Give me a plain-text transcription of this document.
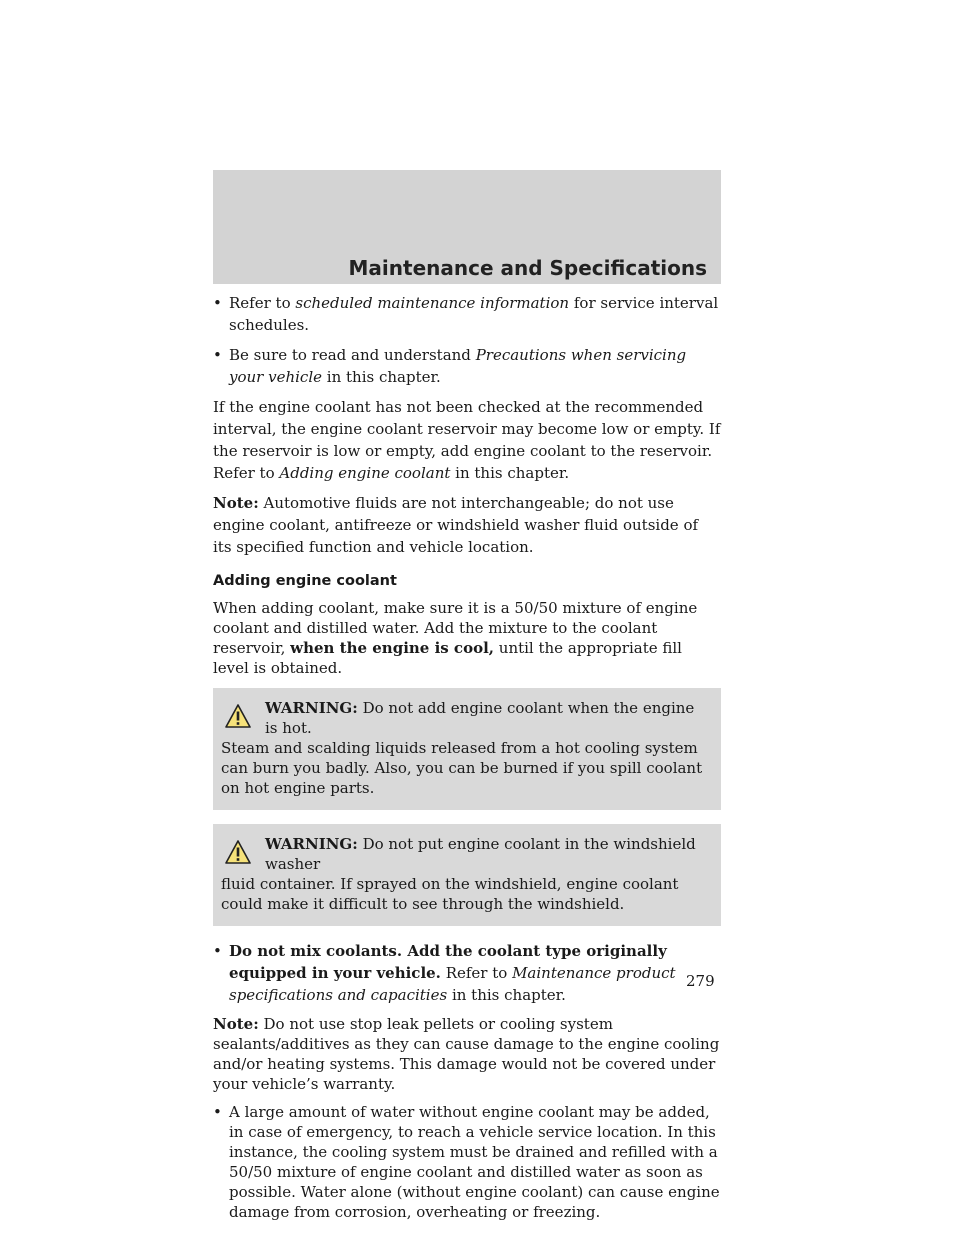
Maintenance and Specifications
• Refer to scheduled maintenance information for service interval schedules.
• Be sure to read and understand Precautions when servicing your vehicle in this chapter.

If the engine coolant has not been checked at the recommended interval, the engine coolant reservoir may become low or empty. If the reservoir is low or empty, add engine coolant to the reservoir. Refer to Adding engine coolant in this chapter.

Note: Automotive fluids are not interchangeable; do not use engine coolant, antifreeze or windshield washer fluid outside of its specified function and vehicle location.

Adding engine coolant

When adding coolant, make sure it is a 50/50 mixture of engine coolant and distilled water. Add the mixture to the coolant reservoir, when the engine is cool, until the appropriate fill level is obtained.

WARNING: Do not add engine coolant when the engine is hot.
Steam and scalding liquids released from a hot cooling system can burn you badly. Also, you can be burned if you spill coolant on hot engine parts.
WARNING: Do not put engine coolant in the windshield washer
fluid container. If sprayed on the windshield, engine coolant could make it difficult to see through the windshield.
• Do not mix coolants. Add the coolant type originally equipped in your vehicle. Refer to Maintenance product specifications and capacities in this chapter.

Note: Do not use stop leak pellets or cooling system sealants/additives as they can cause damage to the engine cooling and/or heating systems. This damage would not be covered under your vehicle’s warranty.

• A large amount of water without engine coolant may be added, in case of emergency, to reach a vehicle service location. In this instance, the cooling system must be drained and refilled with a 50/50 mixture of engine coolant and distilled water as soon as possible. Water alone (without engine coolant) can cause engine damage from corrosion, overheating or freezing.
279
